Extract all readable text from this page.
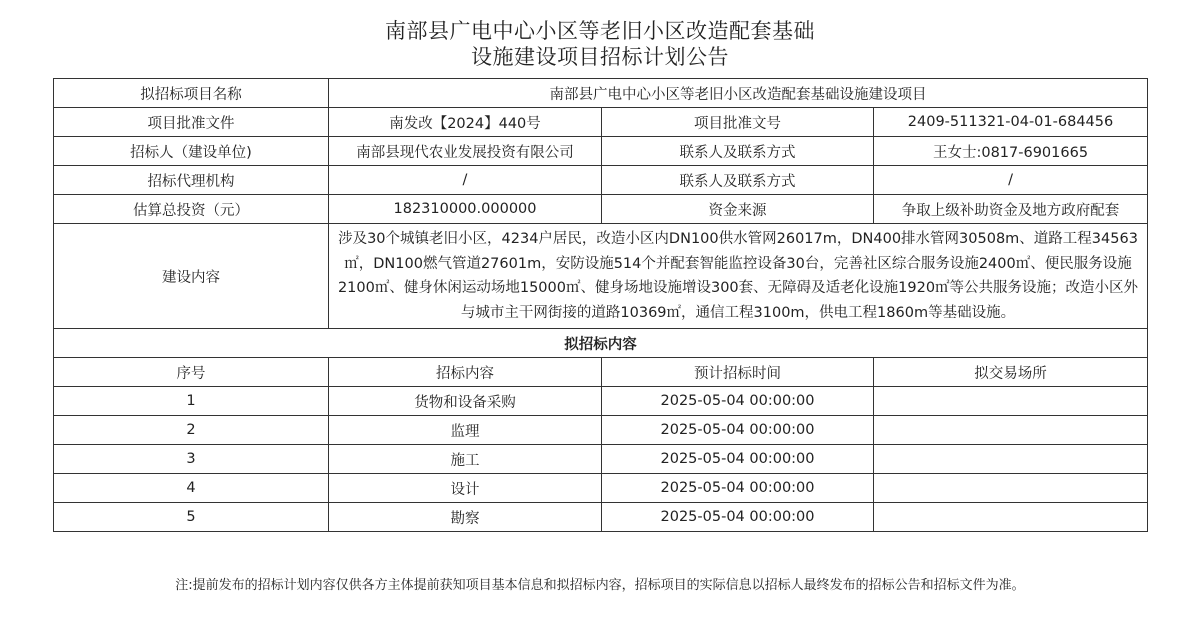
南部县广电中心小区等老旧小区改造配套基础
设施建设项目招标计划公告
拟招标项目名称	南部县广电中心小区等老旧小区改造配套基础设施建设项目		
项目批准文件	南发改【2024】440号	项目批准文号	2409-511321-04-01-684456
招标人（建设单位)	南部县现代农业发展投资有限公司	联系人及联系方式	王女士:0817-6901665
招标代理机构	/	联系人及联系方式	/
估算总投资（元）	182310000.000000	资金来源	争取上级补助资金及地方政府配套
建设内容	涉及30个城镇老旧小区，4234户居民，改造小区内DN100供水管网26017m，DN400排水管网30508m、道路工程34563㎡，DN100燃气管道27601m，安防设施514个并配套智能监控设备30台，完善社区综合服务设施2400㎡、便民服务设施2100㎡、健身休闲运动场地15000㎡、健身场地设施增设300套、无障碍及适老化设施1920㎡等公共服务设施；改造小区外与城市主干网街接的道路10369㎡，通信工程3100m，供电工程1860m等基础设施。		
拟招标内容			
序号	招标内容	预计招标时间	拟交易场所
1	货物和设备采购	2025-05-04 00:00:00	
2	监理	2025-05-04 00:00:00	
3	施工	2025-05-04 00:00:00	
4	设计	2025-05-04 00:00:00	
5	勘察	2025-05-04 00:00:00	
注:提前发布的招标计划内容仅供各方主体提前获知项目基本信息和拟招标内容，招标项目的实际信息以招标人最终发布的招标公告和招标文件为准。
